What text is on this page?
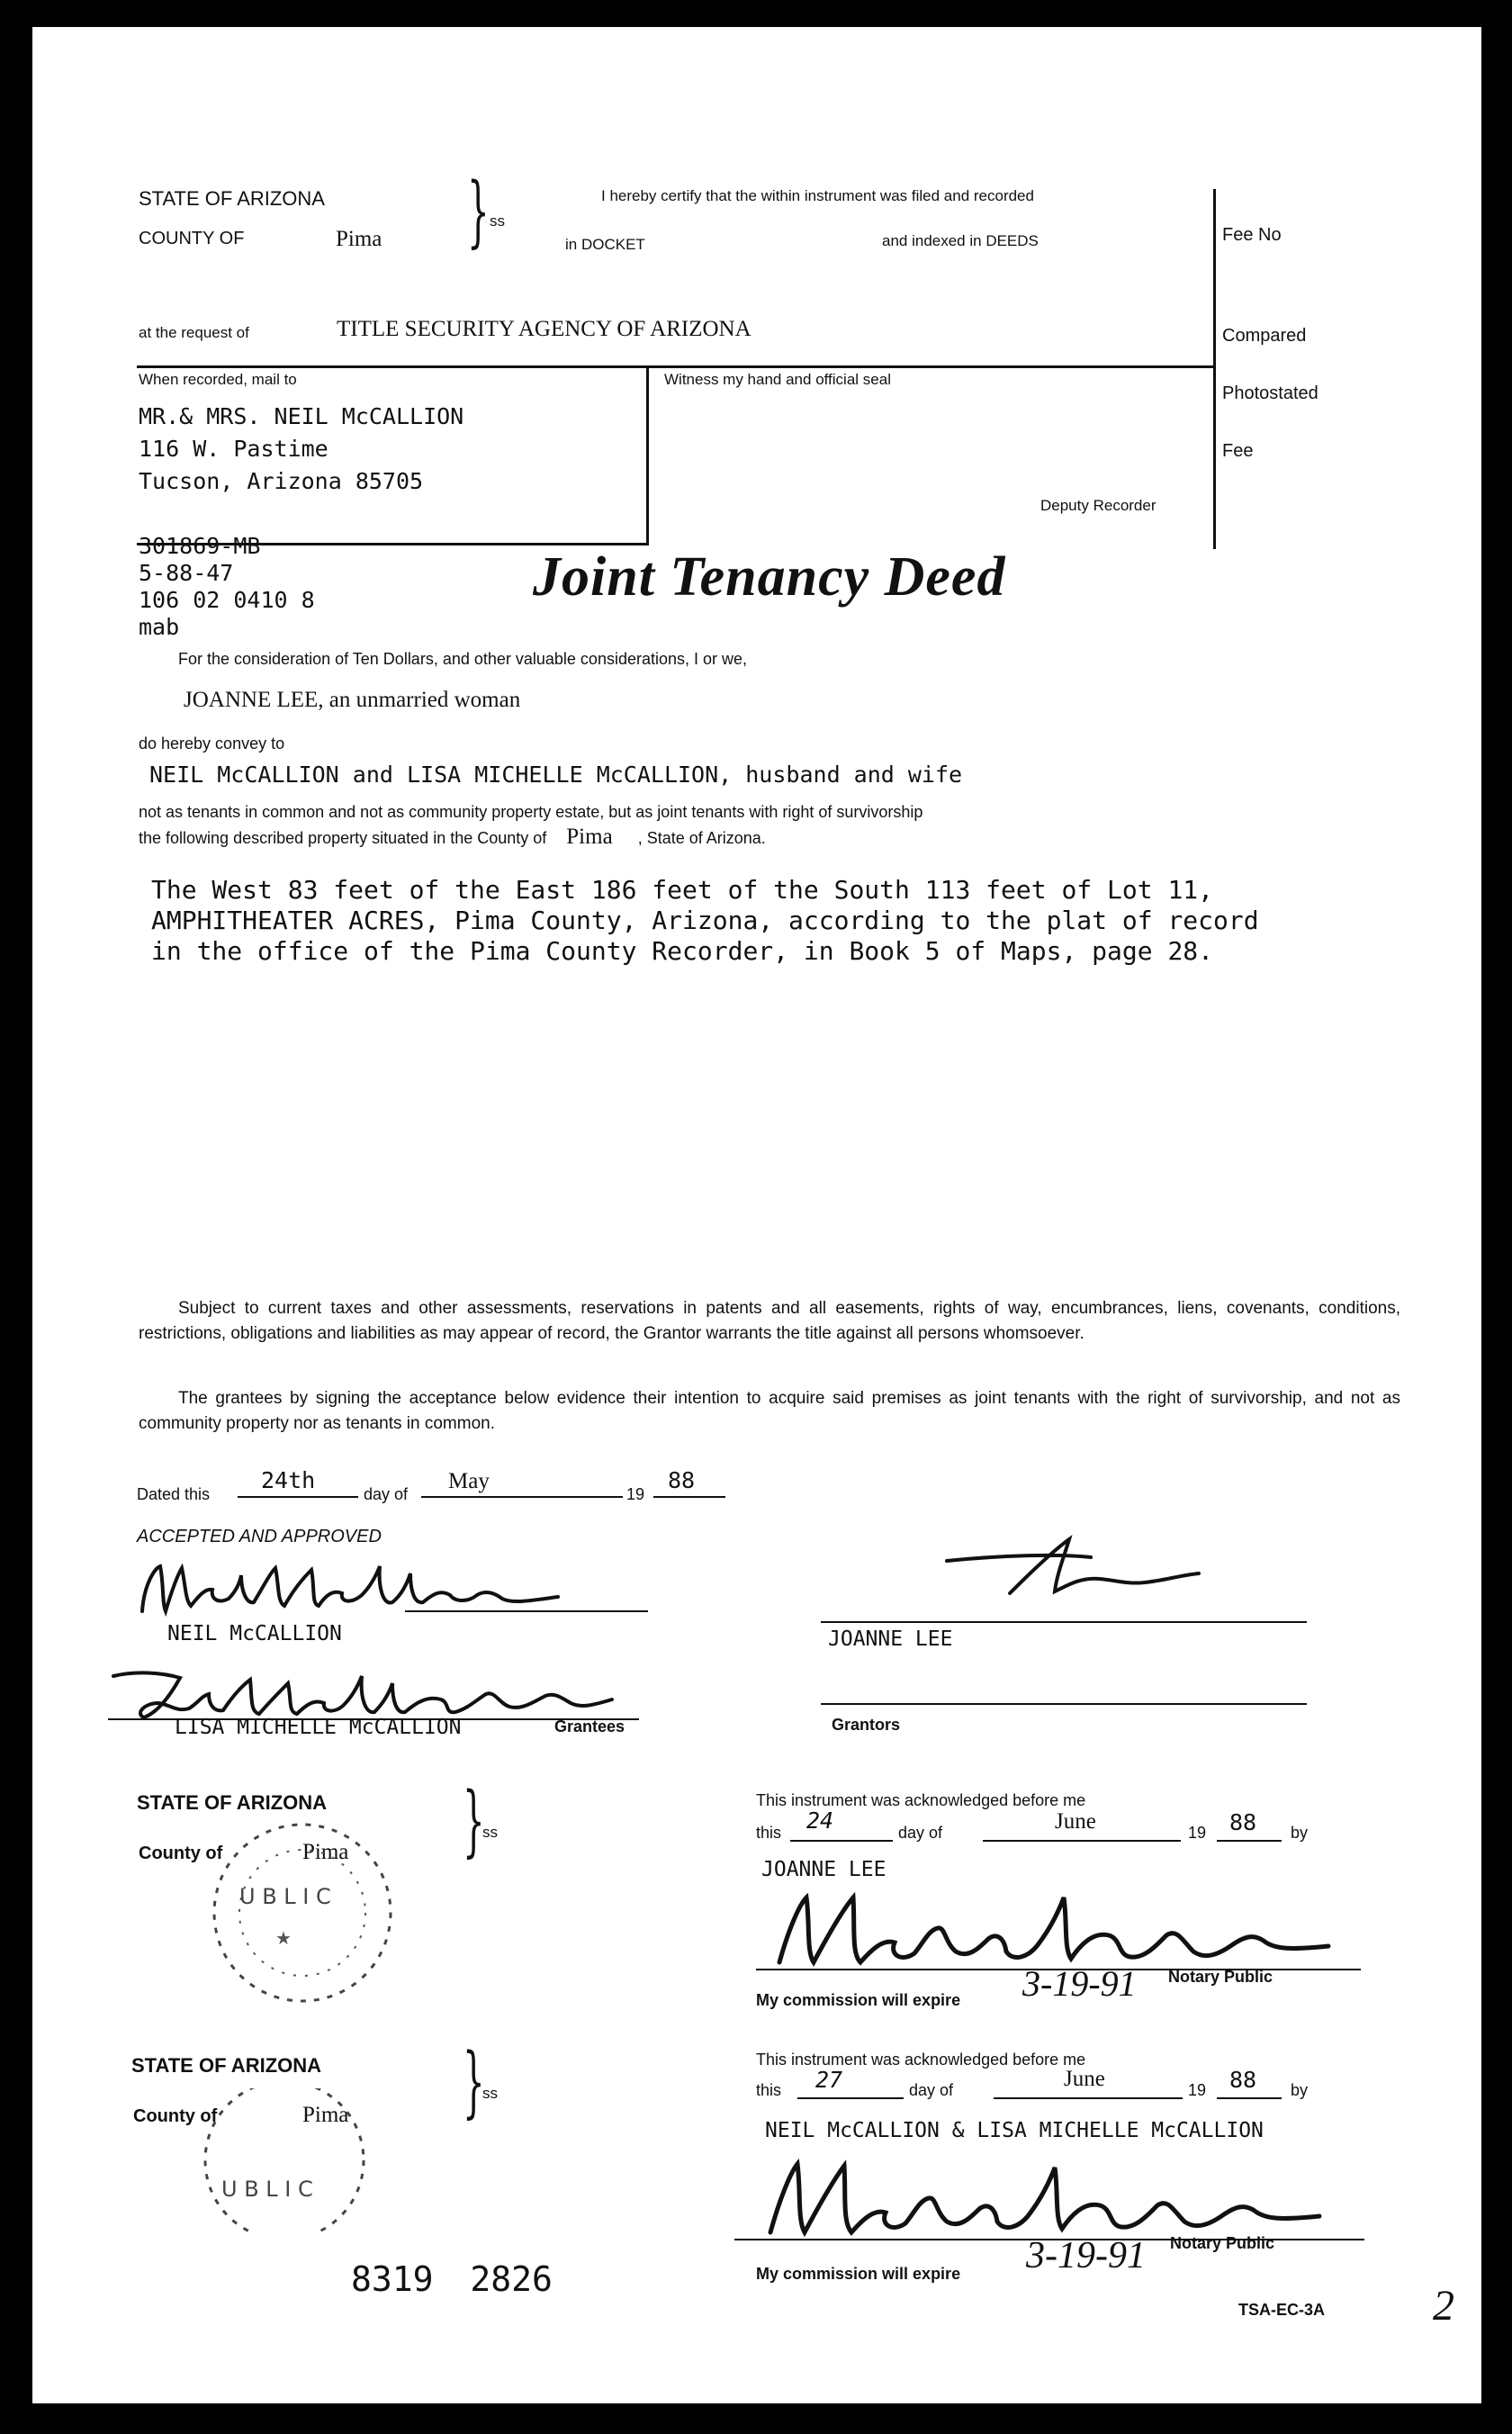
STATE OF ARIZONA
COUNTY OF	Pima } ss
I hereby certify that the within instrument was filed and recorded
in DOCKET	and indexed in DEEDS	Fee No
Compared
Photostated
Fee
at the request of	TITLE SECURITY AGENCY OF ARIZONA
When recorded, mail to
MR.& MRS. NEIL McCALLION
116 W. Pastime
Tucson, Arizona 85705
Witness my hand and official seal
Deputy Recorder
301869-MB
5-88-47
106 02 0410 8
mab
Joint Tenancy Deed
For the consideration of Ten Dollars, and other valuable considerations, I or we,
JOANNE LEE, an unmarried woman
do hereby convey to
NEIL McCALLION and LISA MICHELLE McCALLION, husband and wife
not as tenants in common and not as community property estate, but as joint tenants with right of survivorship
the following described property situated in the County of Pima , State of Arizona.
The West 83 feet of the East 186 feet of the South 113 feet of Lot 11,
AMPHITHEATER ACRES, Pima County, Arizona, according to the plat of record
in the office of the Pima County Recorder, in Book 5 of Maps, page 28.
Subject to current taxes and other assessments, reservations in patents and all easements, rights of way, encumbrances, liens, covenants, conditions, restrictions, obligations and liabilities as may appear of record, the Grantor warrants the title against all persons whomsoever.
The grantees by signing the acceptance below evidence their intention to acquire said premises as joint tenants with the right of survivorship, and not as community property nor as tenants in common.
Dated this
24th
day of
May
19
88
ACCEPTED AND APPROVED
NEIL McCALLION
LISA MICHELLE McCALLION	Grantees
JOANNE LEE
Grantors
STATE OF ARIZONA
County of	Pima }
ss
U B L I C
★
This instrument was acknowledged before me
this 24	day of	June	19 88 by
JOANNE LEE
Notary Public
My commission will expire 3-19-91
STATE OF ARIZONA
County of	Pima }
ss
U B L I C
This instrument was acknowledged before me
this 27	day of	June	19 88 by
NEIL McCALLION & LISA MICHELLE McCALLION
Notary Public
My commission will expire 3-19-91
8319 2826
TSA-EC-3A 2
